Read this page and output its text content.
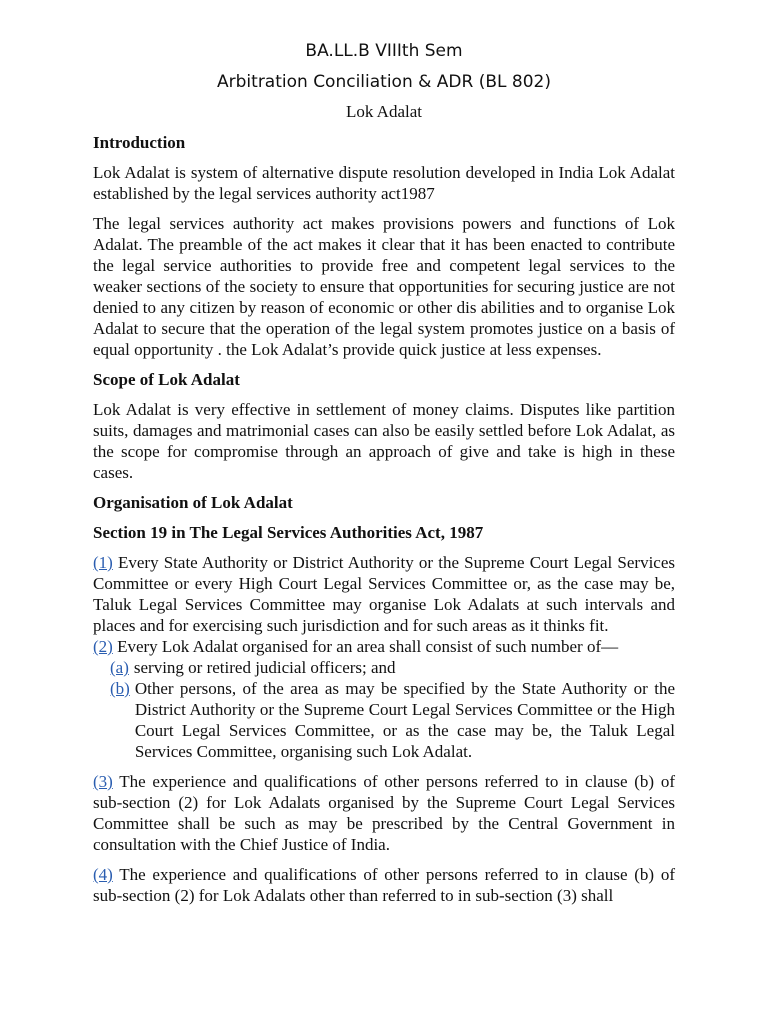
BA.LL.B VIIIth Sem
Arbitration Conciliation & ADR (BL 802)
Lok Adalat
Introduction

Lok Adalat is system of alternative dispute resolution developed in India Lok Adalat established by the legal services authority act1987

The legal services authority act makes provisions powers and functions of Lok Adalat. The preamble of the act makes it clear that it has been enacted to contribute the legal service authorities to provide free and competent legal services to the weaker sections of the society to ensure that opportunities for securing justice are not denied to any citizen by reason of economic or other dis abilities and to organise Lok Adalat to secure that the operation of the legal system promotes justice on a basis of equal opportunity . the Lok Adalat’s provide quick justice at less expenses.

Scope of Lok Adalat

Lok Adalat is very effective in settlement of money claims. Disputes like partition suits, damages and matrimonial cases can also be easily settled before Lok Adalat, as the scope for compromise through an approach of give and take is high in these cases.

Organisation of Lok Adalat
Section 19 in The Legal Services Authorities Act, 1987

(1) Every State Authority or District Authority or the Supreme Court Legal Services Committee or every High Court Legal Services Committee or, as the case may be, Taluk Legal Services Committee may organise Lok Adalats at such intervals and places and for exercising such jurisdiction and for such areas as it thinks fit.

(2) Every Lok Adalat organised for an area shall consist of such number of—

(a) serving or retired judicial officers; and
(b) Other persons, of the area as may be specified by the State Authority or the District Authority or the Supreme Court Legal Services Committee or the High Court Legal Services Committee, or as the case may be, the Taluk Legal Services Committee, organising such Lok Adalat.

(3) The experience and qualifications of other persons referred to in clause (b) of sub-section (2) for Lok Adalats organised by the Supreme Court Legal Services Committee shall be such as may be prescribed by the Central Government in consultation with the Chief Justice of India.

(4) The experience and qualifications of other persons referred to in clause (b) of sub-section (2) for Lok Adalats other than referred to in sub-section (3) shall
